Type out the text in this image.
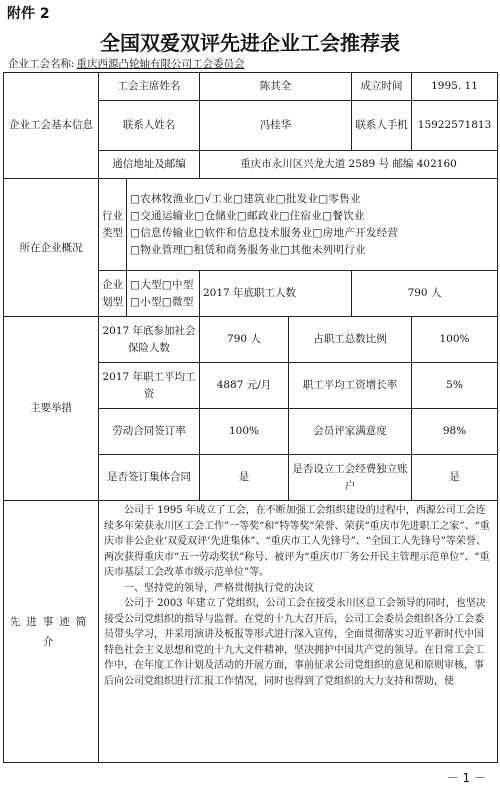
附件 2
全国双爱双评先进企业工会推荐表
企业工会名称: 重庆西源凸轮轴有限公司工会委员会
企业工会基本信息	工会主席姓名		陈其全		成立时间	1995. 11
	联系人姓名		冯桂华		联系人手机	15922571813
	通信地址及邮编		重庆市永川区兴龙大道 2589 号 邮编 402160			
所在企业概况	行业类型	□农林牧渔业□√工业□建筑业□批发业□零售业
□交通运输业□仓储业□邮政业□住宿业□餐饮业
□信息传输业□软件和信息技术服务业□房地产开发经营
□物业管理□租赁和商务服务业□其他未列明行业				

	企业划型	□大型□中型
□小型□微型	2017 年底职工人数		790 人	
主要举措	2017 年底参加社会保险人数		790 人	占职工总数比例		100%
	2017 年职工平均工资		4887 元/月	职工平均工资增长率		5%
	劳动合同签订率		100%	会员评家满意度		98%
	是否签订集体合同		是	是否设立工会经费独立账户		是
先进事迹简介	公司于 1995 年成立了工会，在不断加强工会组织建设的过程中，西源公司工会连续多年荣获永川区工会工作”一等奖“和”特等奖“荣誉、荣获“重庆市先进职工之家”、“重庆市非公企业‘双爱双评’先进集体”、“重庆市工人先锋号”、“全国工人先锋号”等荣誉、两次获得重庆市“五一劳动奖状”称号、被评为“重庆市厂务公开民主管理示范单位”、“重庆市基层工会改革市级示范单位”等。

一、坚持党的领导，严格贯彻执行党的决议

公司于 2003 年建立了党组织，公司工会在接受永川区总工会领导的同时，也坚决接受公司党组织的指导与监督。在党的十九大召开后，公司工会委员会组织各分工会委员带头学习，并采用演讲及板报等形式进行深入宣传，全面贯彻落实习近平新时代中国特色社会主义思想和党的十九大文件精神，坚决拥护中国共产党的领导。在日常工会工作中，在年度工作计划及活动的开展方面，事前征求公司党组织的意见和原则审核，事后向公司党组织进行汇报工作情况，同时也得到了党组织的大力支持和帮助，使					

－ 1 －
